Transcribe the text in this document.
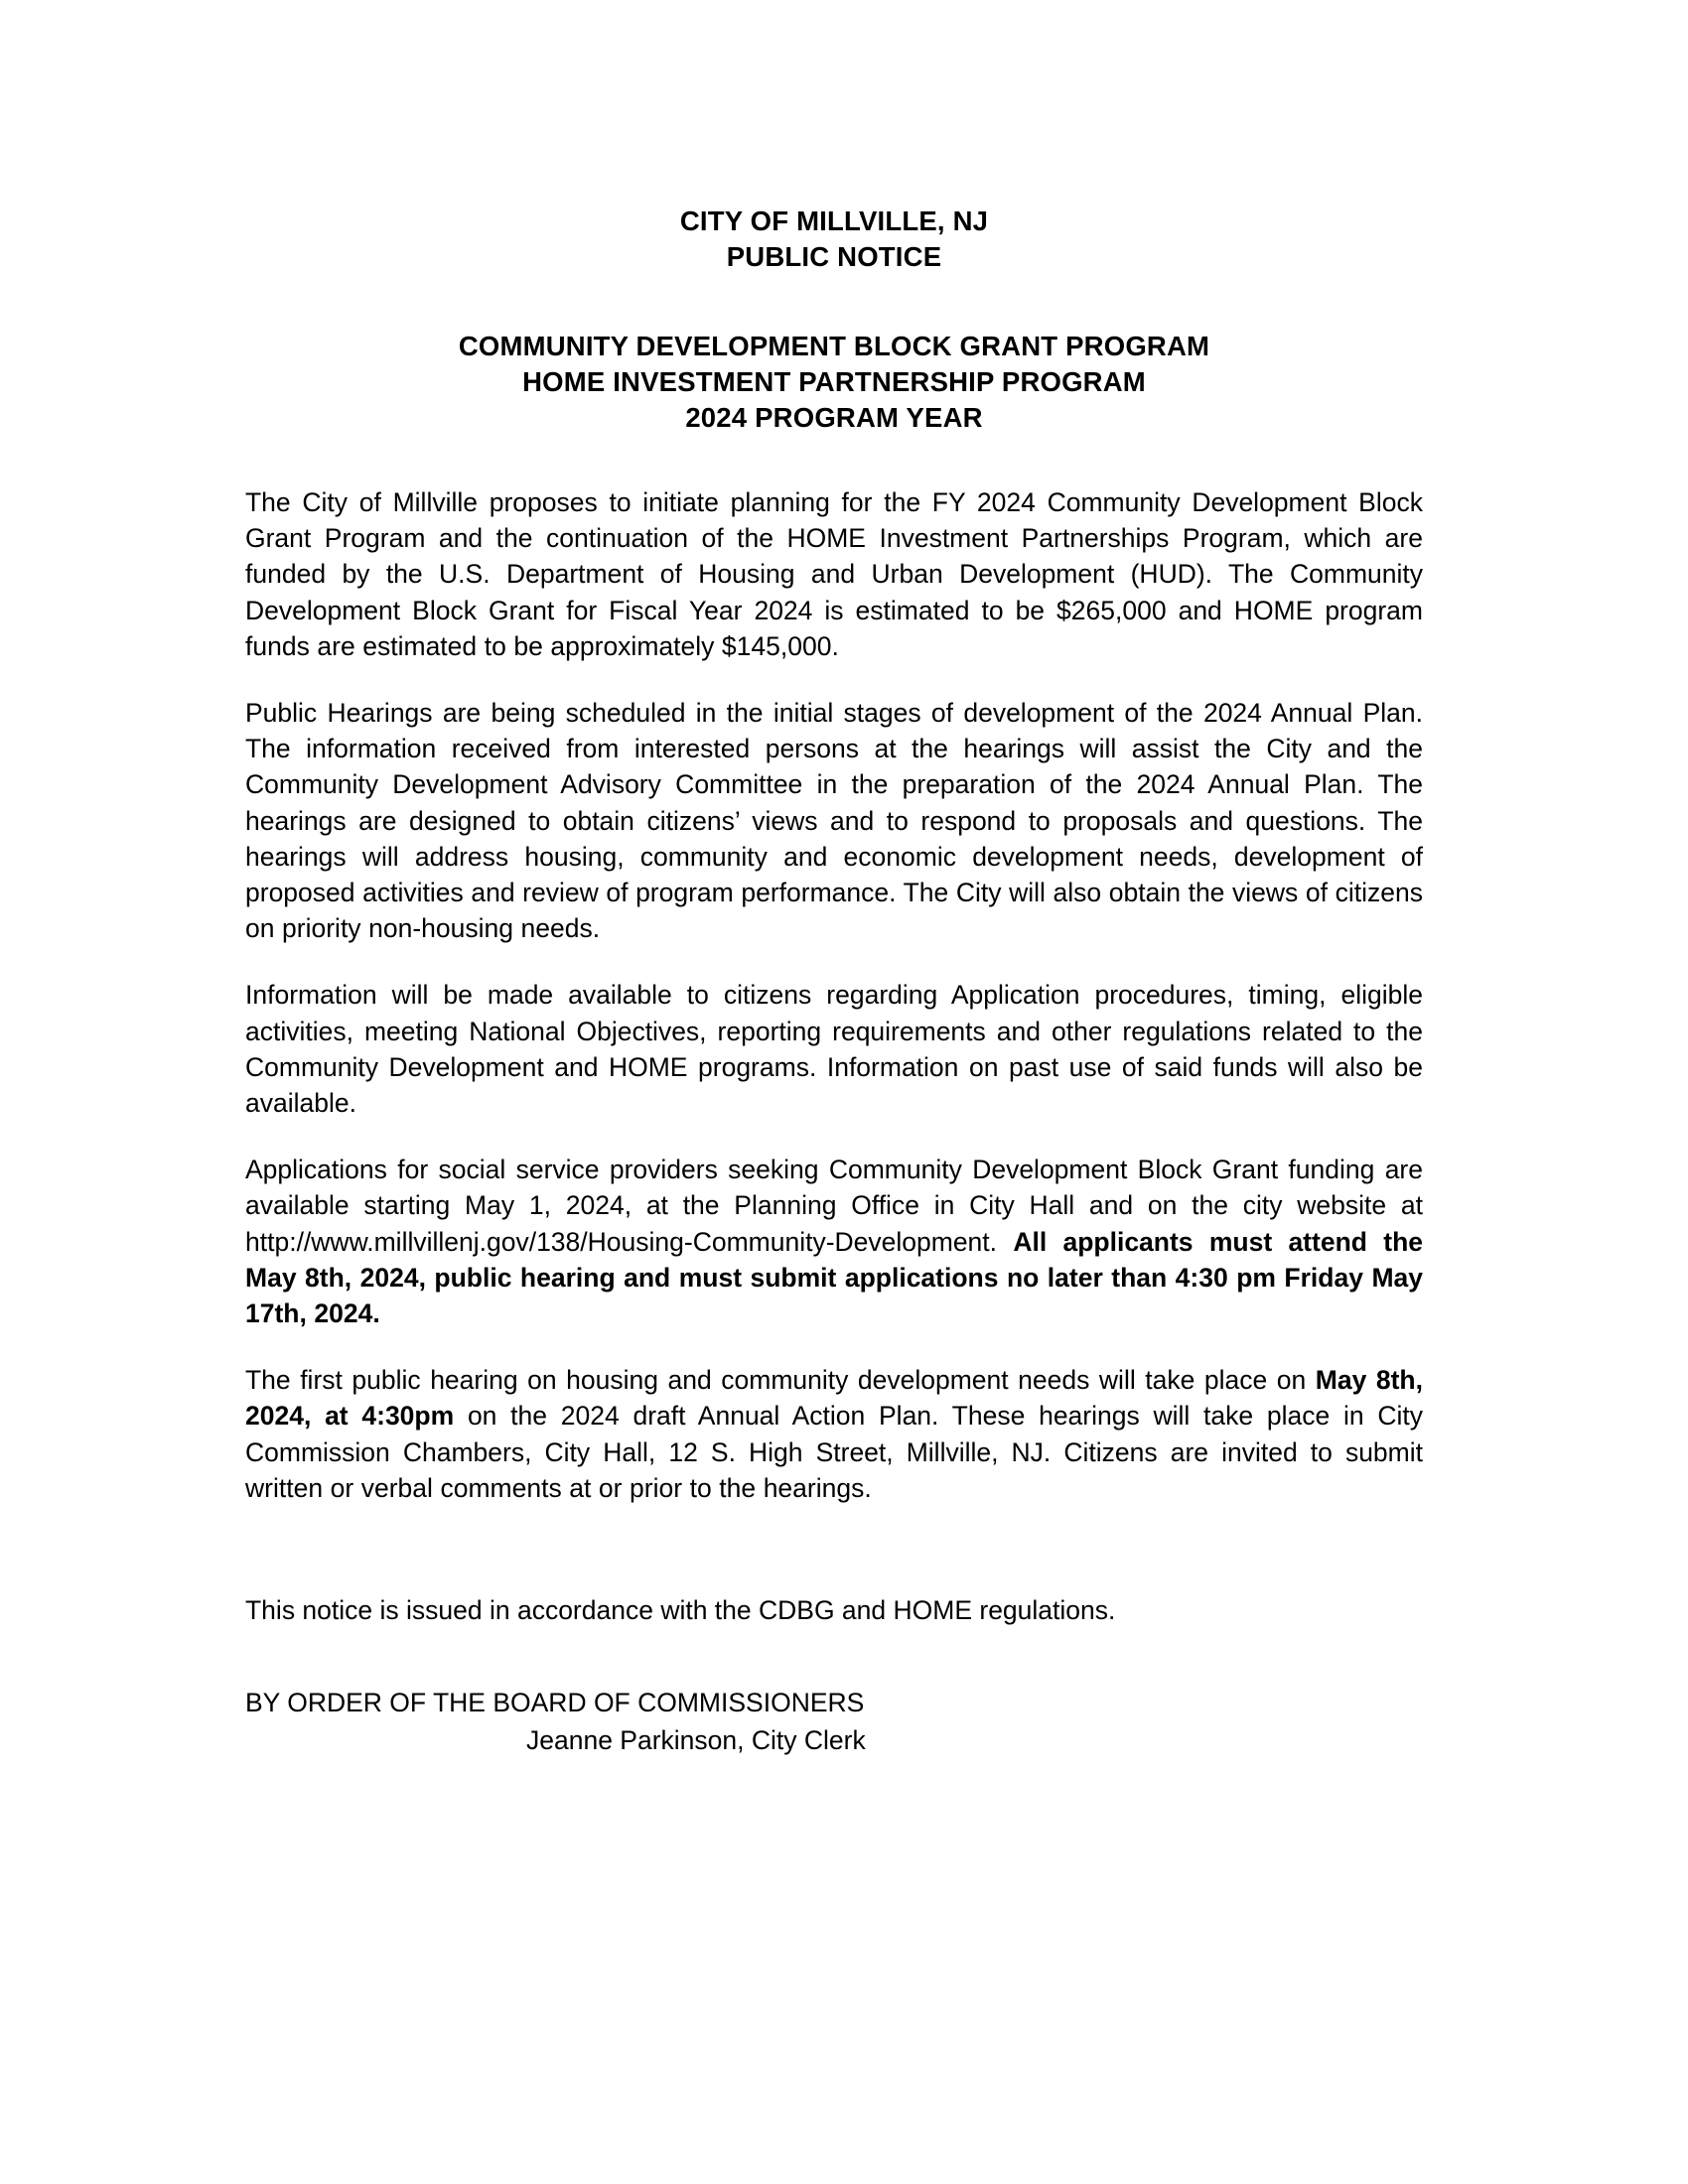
CITY OF MILLVILLE, NJ
PUBLIC NOTICE
COMMUNITY DEVELOPMENT BLOCK GRANT PROGRAM
HOME INVESTMENT PARTNERSHIP PROGRAM
2024 PROGRAM YEAR

The City of Millville proposes to initiate planning for the FY 2024 Community Development Block Grant Program and the continuation of the HOME Investment Partnerships Program, which are funded by the U.S. Department of Housing and Urban Development (HUD). The Community Development Block Grant for Fiscal Year 2024 is estimated to be $265,000 and HOME program funds are estimated to be approximately $145,000.

Public Hearings are being scheduled in the initial stages of development of the 2024 Annual Plan. The information received from interested persons at the hearings will assist the City and the Community Development Advisory Committee in the preparation of the 2024 Annual Plan. The hearings are designed to obtain citizens’ views and to respond to proposals and questions. The hearings will address housing, community and economic development needs, development of proposed activities and review of program performance. The City will also obtain the views of citizens on priority non-housing needs.

Information will be made available to citizens regarding Application procedures, timing, eligible activities, meeting National Objectives, reporting requirements and other regulations related to the Community Development and HOME programs. Information on past use of said funds will also be available.

Applications for social service providers seeking Community Development Block Grant funding are available starting May 1, 2024, at the Planning Office in City Hall and on the city website at http://www.millvillenj.gov/138/Housing-Community-Development. All applicants must attend the May 8th, 2024, public hearing and must submit applications no later than 4:30 pm Friday May 17th, 2024.

The first public hearing on housing and community development needs will take place on May 8th, 2024, at 4:30pm on the 2024 draft Annual Action Plan. These hearings will take place in City Commission Chambers, City Hall, 12 S. High Street, Millville, NJ. Citizens are invited to submit written or verbal comments at or prior to the hearings.

This notice is issued in accordance with the CDBG and HOME regulations.

BY ORDER OF THE BOARD OF COMMISSIONERS

Jeanne Parkinson, City Clerk
